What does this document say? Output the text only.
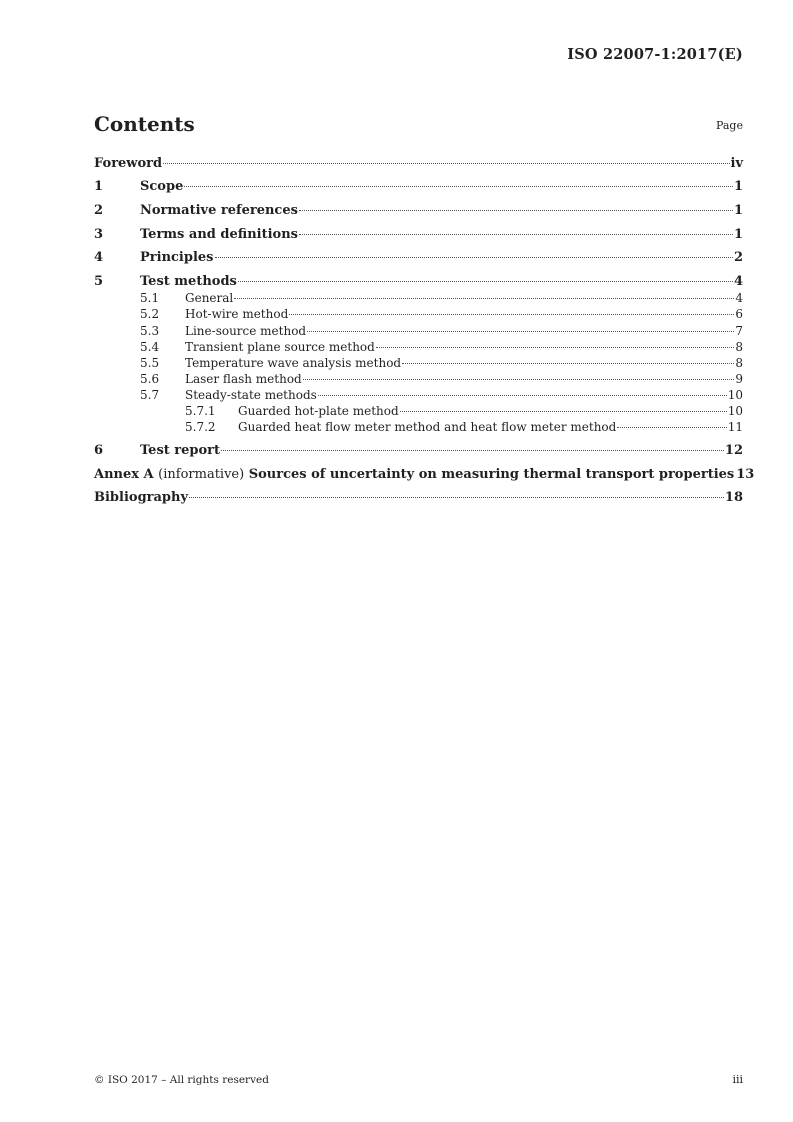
ISO 22007-1:2017(E)
Contents	Page
Foreword	iv
1	Scope	1
2	Normative references	1
3	Terms and definitions	1
4	Principles	2
5	Test methods	4
5.1	General	4
5.2	Hot-wire method	6
5.3	Line-source method	7
5.4	Transient plane source method	8
5.5	Temperature wave analysis method	8
5.6	Laser flash method	9
5.7	Steady-state methods	10
5.7.1	Guarded hot-plate method	10
5.7.2	Guarded heat flow meter method and heat flow meter method	11
6	Test report	12
Annex A (informative) Sources of uncertainty on measuring thermal transport properties 13
Bibliography	18
© ISO 2017 – All rights reserved	iii
